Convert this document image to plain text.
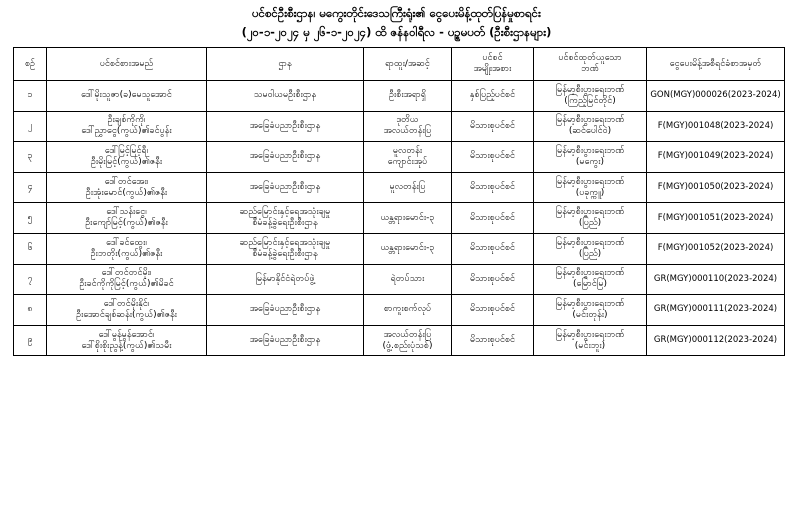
ပင်စင်ဦးစီးဌာန၊ မကွေးတိုင်းဒေသကြီးရုံး၏ ငွေပေးမိန့်ထုတ်ပြန်မှုစာရင်း
(၂၀-၁-၂၀၂၄ မှ ၂၆-၁-၂၀၂၄) ထိ ဇန်နဝါရီလ - ပဉ္စမပတ် (ဦးစီးဌာနများ)
စဉ်	ပင်စင်စားအမည်	ဌာန	ရာထူး/အဆင့်	ပင်စင်
အမျိုးအစား	ပင်စင်ထုတ်ယူသော
ဘဏ်	ငွေပေးမိန့်အစီရင်ခံစာအမှတ်
၁	ဒေါ်မိုးသူဇာ(ခ)မေသူအောင်	သမဝါယမဦးစီးဌာန	ဦးစီးအရာရှိ	နှစ်ပြည့်ပင်စင်	မြန်မာ့စီးပွားရေးဘဏ်
(ကြည့်မြင်တိုင်)	GON(MGY)000026(2023-2024)
၂	ဦးချစ်ကိုကို၊
ဒေါ်ညွှာငွေ(ကွယ်)၏ခင်ပွန်း	အခြေခံပညာဦးစီးဌာန	ဒုတိယ
အလယ်တန်းပြ	မိသားစုပင်စင်	မြန်မာ့စီးပွားရေးဘဏ်
(ဆင်ပေါင်ဝဲ)	F(MGY)001048(2023-2024)
၃	ဒေါ်မြင့်မြင့်ရီ၊
ဦးမိုးမြင့်(ကွယ်)၏ဇနီး	အခြေခံပညာဦးစီးဌာန	မူလတန်း
ကျောင်းအုပ်	မိသားစုပင်စင်	မြန်မာ့စီးပွားရေးဘဏ်
(မကွေး)	F(MGY)001049(2023-2024)
၄	ဒေါ်တင်အေး၊
ဦးအုံးမောင်(ကွယ်)၏ဇနီး	အခြေခံပညာဦးစီးဌာန	မူလတန်းပြ	မိသားစုပင်စင်	မြန်မာ့စီးပွားရေးဘဏ်
(ပခုက္ကူ)	F(MGY)001050(2023-2024)
၅	ဒေါ်သန်းငွေ၊
ဦးကျော်မြင့်(ကွယ်)၏ဇနီး	ဆည်မြောင်းနှင့်ရေအသုံးချမှု
စီမံခန့်ခွဲရေးဦးစီးဌာန	ယန္တရားမောင်း-၃	မိသားစုပင်စင်	မြန်မာ့စီးပွားရေးဘဏ်
(ပြည်)	F(MGY)001051(2023-2024)
၆	ဒေါ်ခင်ထွေး၊
ဦးဘတိုး(ကွယ်)၏ဇနီး	ဆည်မြောင်းနှင့်ရေအသုံးချမှု
စီမံခန့်ခွဲရေးဦးစီးဌာန	ယန္တရားမောင်း-၃	မိသားစုပင်စင်	မြန်မာ့စီးပွားရေးဘဏ်
(ပြည်)	F(MGY)001052(2023-2024)
၇	ဒေါ်တင်တင်မိုး၊
ဦးခင်ကိုကိုမြင့်(ကွယ်)၏မိခင်	မြန်မာနိုင်ငံရဲတပ်ဖွဲ့	ရဲတပ်သား	မိသားစုပင်စင်	မြန်မာ့စီးပွားရေးဘဏ်
(မြောင်မြ)	GR(MGY)000110(2023-2024)
၈	ဒေါ်တင်မိုးနိုင်၊
ဦးအောင်ချစ်ဆန်း(ကွယ်)၏ဇနီး	အခြေခံပညာဦးစီးဌာန	စာကူးစက်လုပ်	မိသားစုပင်စင်	မြန်မာ့စီးပွားရေးဘဏ်
(မင်းတုန်း)	GR(MGY)000111(2023-2024)
၉	ဒေါ်မွန်မွန်အောင်၊
ဒေါ်စိုးစိုးညွန့်(ကွယ်)၏သမီး	အခြေခံပညာဦးစီးဌာန	အလယ်တန်းပြ
(ဖွံ့.စည်းပုံသစ်)	မိသားစုပင်စင်	မြန်မာ့စီးပွားရေးဘဏ်
(မင်းဘူး)	GR(MGY)000112(2023-2024)
